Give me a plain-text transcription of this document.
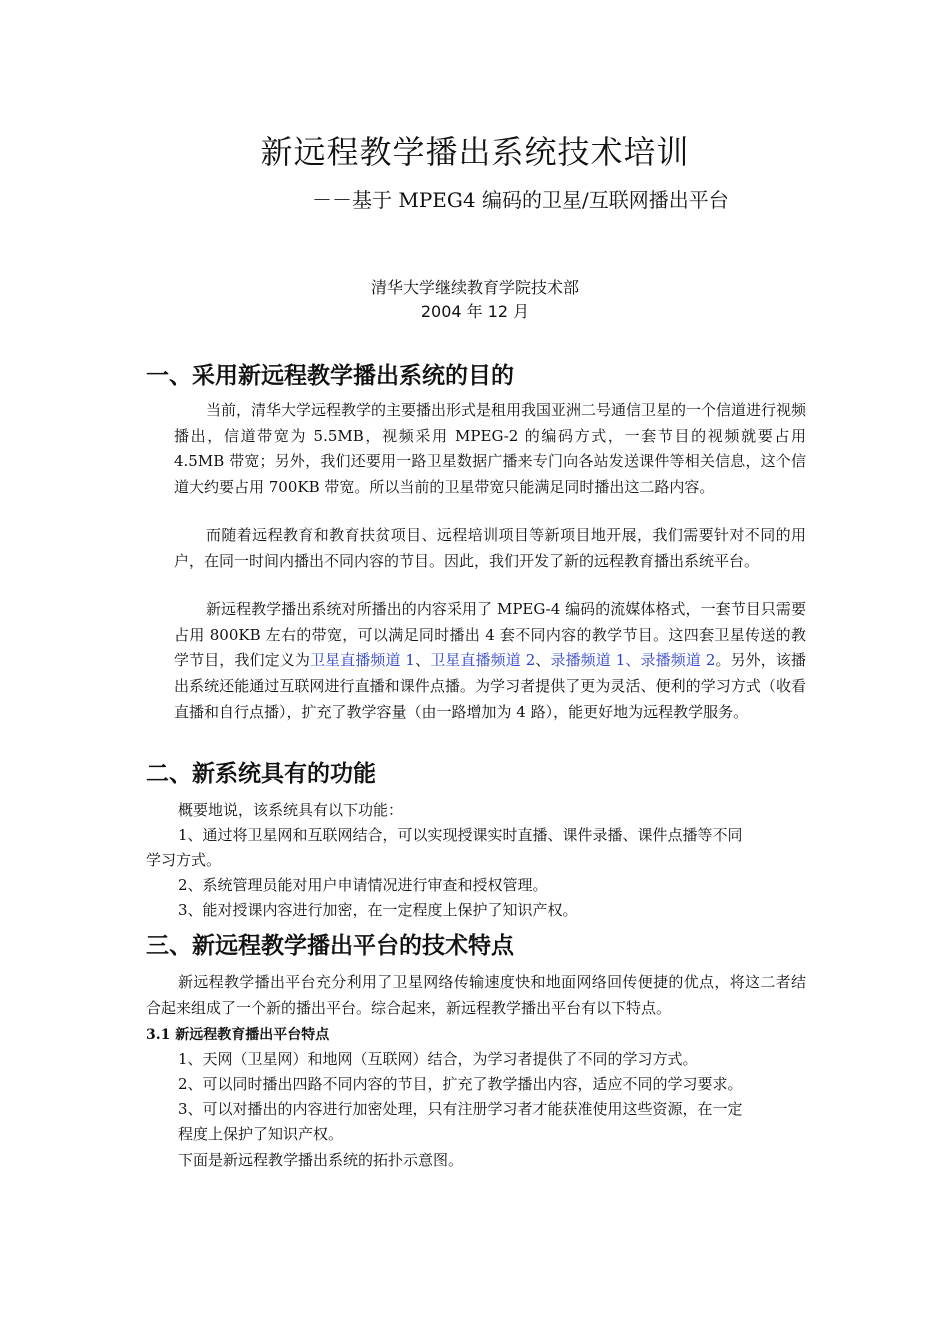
新远程教学播出系统技术培训
－－基于 MPEG4 编码的卫星/互联网播出平台
清华大学继续教育学院技术部
2004 年 12 月
一、采用新远程教学播出系统的目的

当前，清华大学远程教学的主要播出形式是租用我国亚洲二号通信卫星的一个信道进行视频播出，信道带宽为 5.5MB，视频采用 MPEG-2 的编码方式，一套节目的视频就要占用 4.5MB 带宽；另外，我们还要用一路卫星数据广播来专门向各站发送课件等相关信息，这个信道大约要占用 700KB 带宽。所以当前的卫星带宽只能满足同时播出这二路内容。

而随着远程教育和教育扶贫项目、远程培训项目等新项目地开展，我们需要针对不同的用户，在同一时间内播出不同内容的节目。因此，我们开发了新的远程教育播出系统平台。

新远程教学播出系统对所播出的内容采用了 MPEG-4 编码的流媒体格式，一套节目只需要占用 800KB 左右的带宽，可以满足同时播出 4 套不同内容的教学节目。这四套卫星传送的教学节目，我们定义为卫星直播频道 1、卫星直播频道 2、录播频道 1、录播频道 2。另外，该播出系统还能通过互联网进行直播和课件点播。为学习者提供了更为灵活、便利的学习方式（收看直播和自行点播），扩充了教学容量（由一路增加为 4 路），能更好地为远程教学服务。

二、新系统具有的功能
概要地说，该系统具有以下功能：
1、通过将卫星网和互联网结合，可以实现授课实时直播、课件录播、课件点播等不同
学习方式。
2、系统管理员能对用户申请情况进行审查和授权管理。
3、能对授课内容进行加密，在一定程度上保护了知识产权。
三、新远程教学播出平台的技术特点

新远程教学播出平台充分利用了卫星网络传输速度快和地面网络回传便捷的优点，将这二者结合起来组成了一个新的播出平台。综合起来，新远程教学播出平台有以下特点。

3.1 新远程教育播出平台特点
1、天网（卫星网）和地网（互联网）结合，为学习者提供了不同的学习方式。
2、可以同时播出四路不同内容的节目，扩充了教学播出内容，适应不同的学习要求。
3、可以对播出的内容进行加密处理，只有注册学习者才能获准使用这些资源，在一定
程度上保护了知识产权。
下面是新远程教学播出系统的拓扑示意图。
